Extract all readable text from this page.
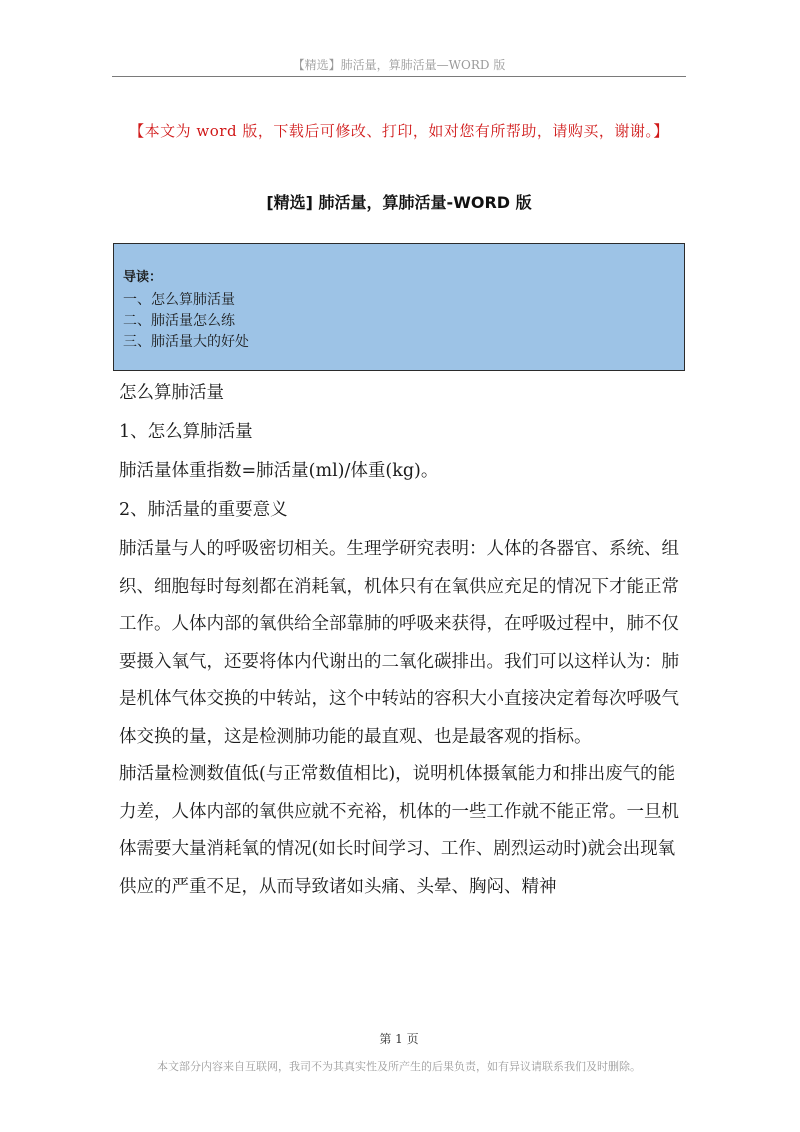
【精选】肺活量，算肺活量—WORD 版
【本文为 word 版，下载后可修改、打印，如对您有所帮助，请购买，谢谢。】
[精选] 肺活量，算肺活量-WORD 版
导读：
一、怎么算肺活量
二、肺活量怎么练
三、肺活量大的好处

怎么算肺活量

1、怎么算肺活量

肺活量体重指数=肺活量(ml)/体重(kg)。

2、肺活量的重要意义

肺活量与人的呼吸密切相关。生理学研究表明：人体的各器官、系统、组织、细胞每时每刻都在消耗氧，机体只有在氧供应充足的情况下才能正常工作。人体内部的氧供给全部靠肺的呼吸来获得，在呼吸过程中，肺不仅要摄入氧气，还要将体内代谢出的二氧化碳排出。我们可以这样认为：肺是机体气体交换的中转站，这个中转站的容积大小直接决定着每次呼吸气体交换的量，这是检测肺功能的最直观、也是最客观的指标。

肺活量检测数值低(与正常数值相比)，说明机体摄氧能力和排出废气的能力差，人体内部的氧供应就不充裕，机体的一些工作就不能正常。一旦机体需要大量消耗氧的情况(如长时间学习、工作、剧烈运动时)就会出现氧供应的严重不足，从而导致诸如头痛、头晕、胸闷、精神

第 1 页
本文部分内容来自互联网，我司不为其真实性及所产生的后果负责，如有异议请联系我们及时删除。
